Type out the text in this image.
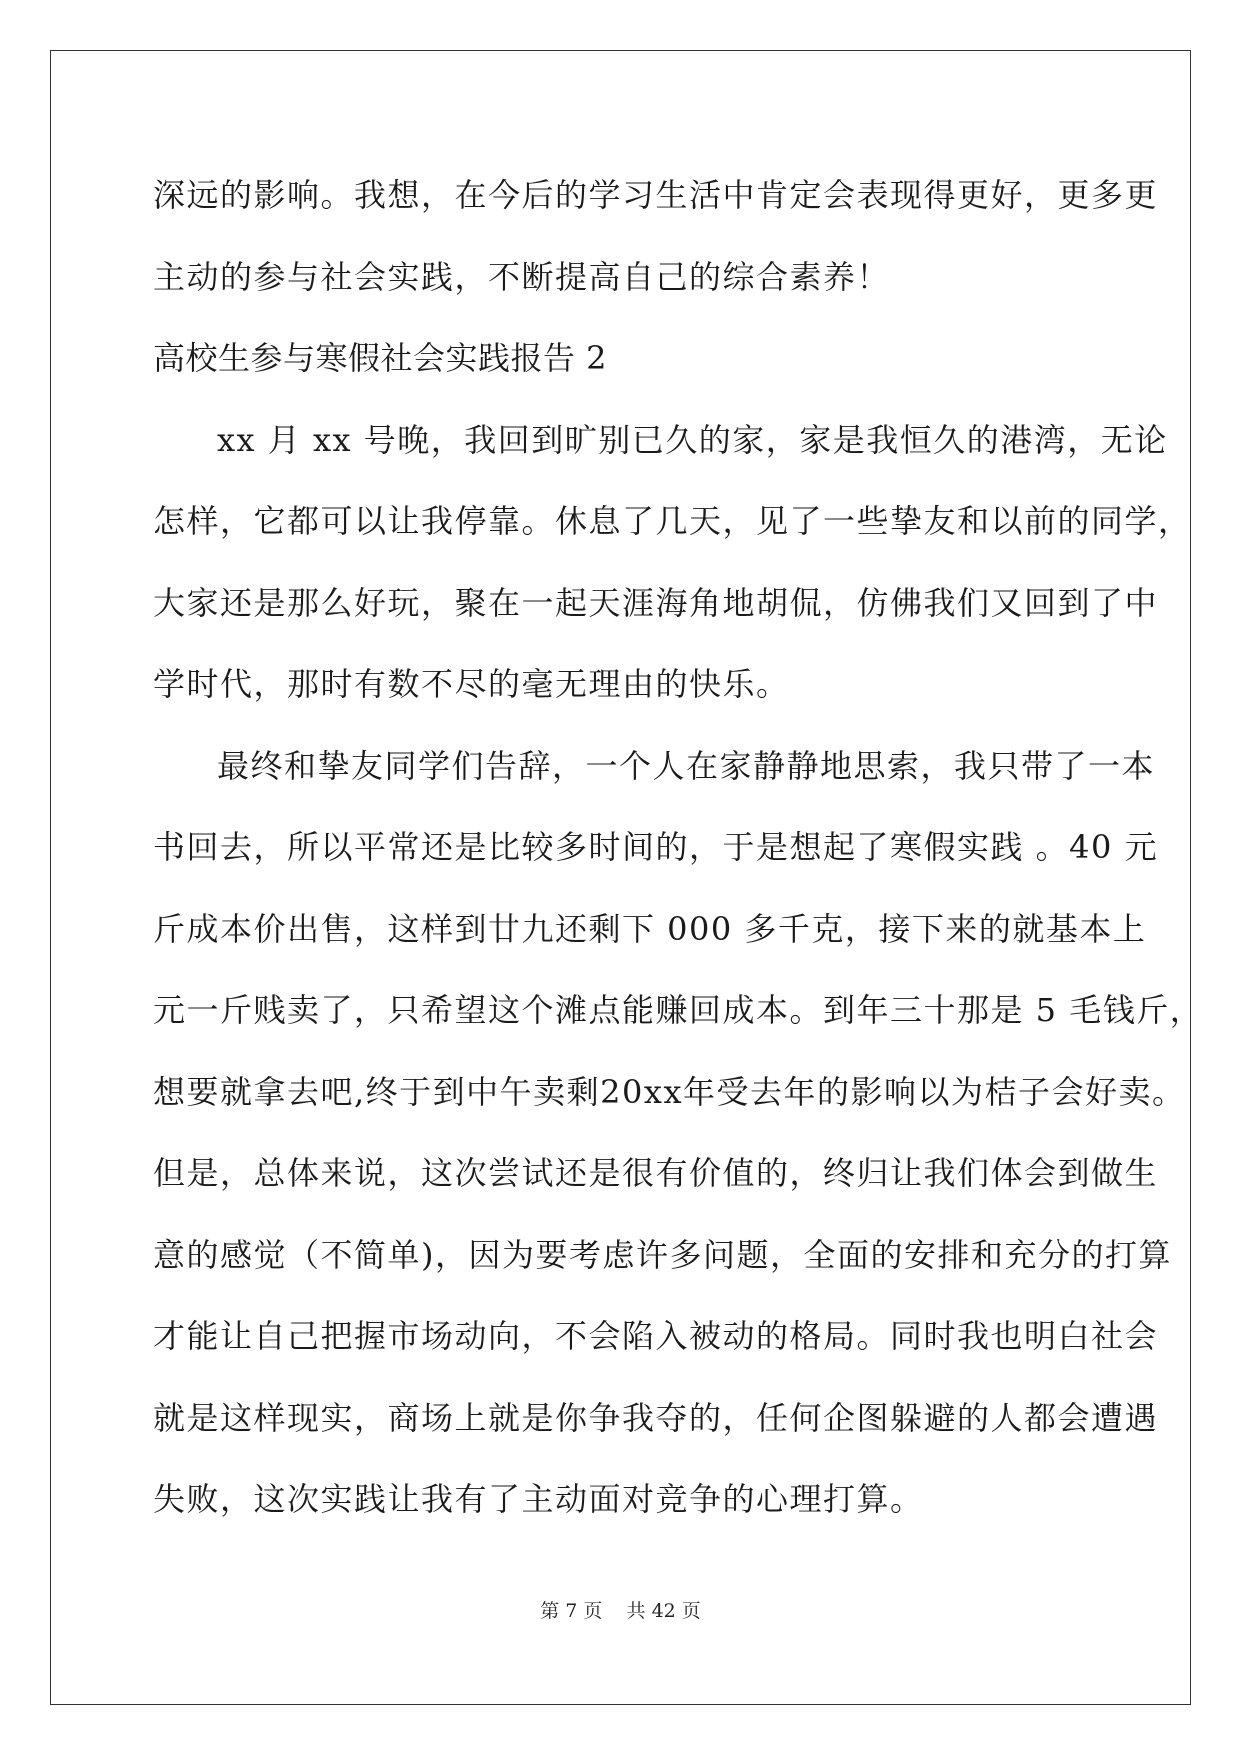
深远的影响。我想，在今后的学习生活中肯定会表现得更好，更多更

主动的参与社会实践，不断提高自己的综合素养！

高校生参与寒假社会实践报告 2

xx 月 xx 号晚，我回到旷别已久的家，家是我恒久的港湾，无论

怎样，它都可以让我停靠。休息了几天，见了一些挚友和以前的同学，

大家还是那么好玩，聚在一起天涯海角地胡侃，仿佛我们又回到了中

学时代，那时有数不尽的毫无理由的快乐。

最终和挚友同学们告辞，一个人在家静静地思索，我只带了一本

书回去，所以平常还是比较多时间的，于是想起了寒假实践 。40 元

斤成本价出售，这样到廿九还剩下 000 多千克，接下来的就基本上

元一斤贱卖了，只希望这个滩点能赚回成本。到年三十那是 5 毛钱斤，

想要就拿去吧,终于到中午卖剩20xx年受去年的影响以为桔子会好卖。

但是，总体来说，这次尝试还是很有价值的，终归让我们体会到做生

意的感觉（不简单)，因为要考虑许多问题，全面的安排和充分的打算

才能让自己把握市场动向，不会陷入被动的格局。同时我也明白社会

就是这样现实，商场上就是你争我夺的，任何企图躲避的人都会遭遇

失败，这次实践让我有了主动面对竞争的心理打算。

第 7 页 共 42 页
